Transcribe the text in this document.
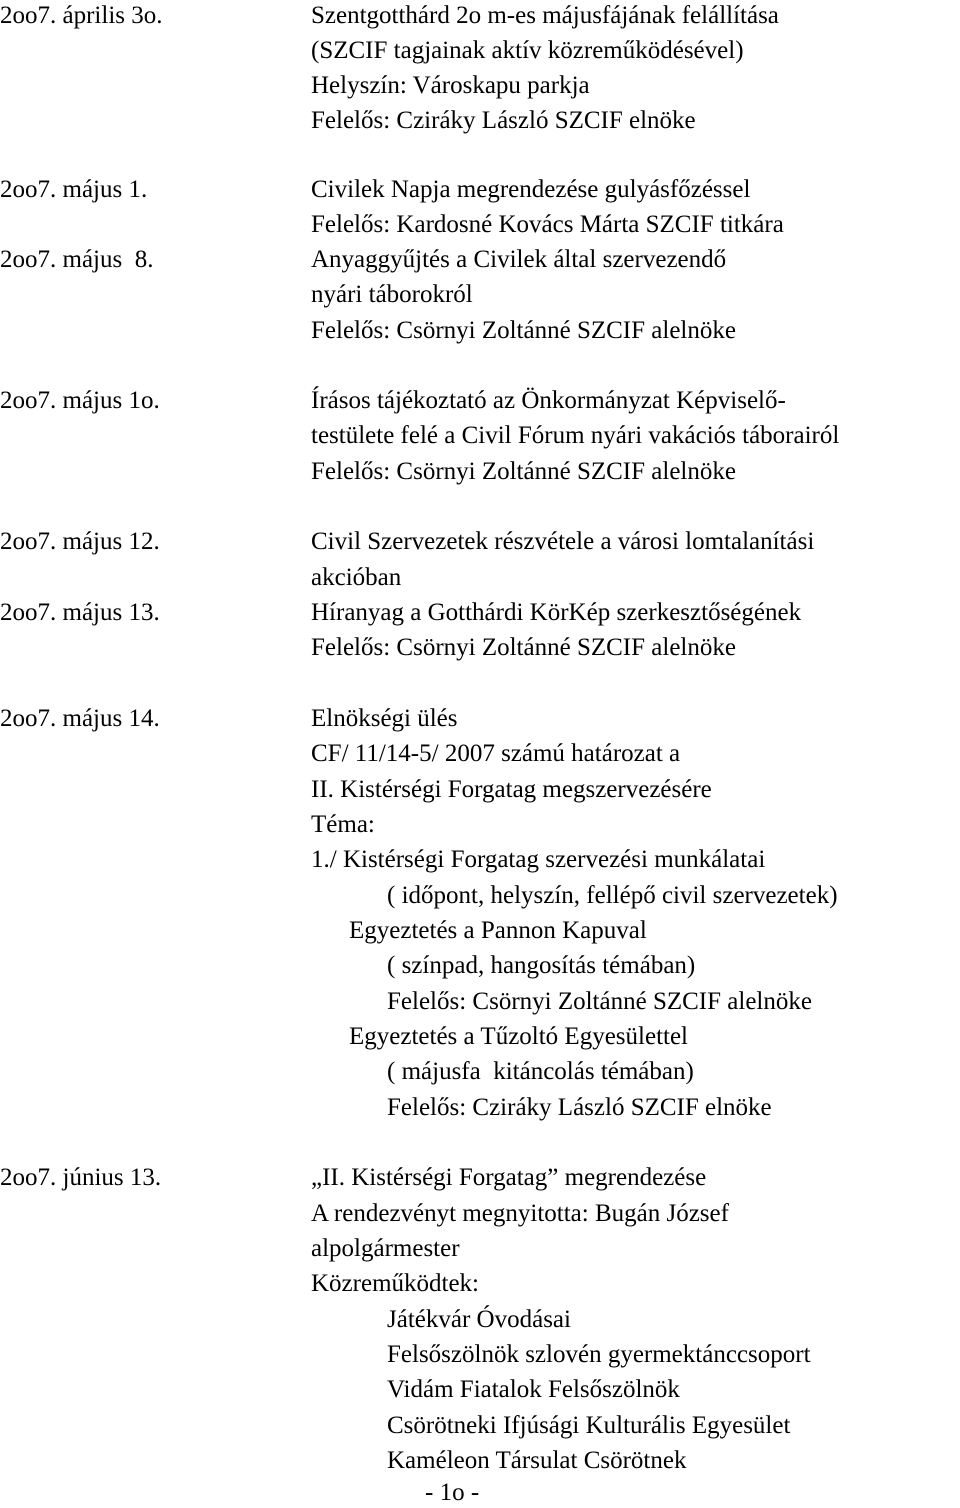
2oo7. április 3o.	Szentgotthárd 2o m-es májusfájának felállítása
(SZCIF tagjainak aktív közreműködésével)
Helyszín: Városkapu parkja
Felelős: Cziráky László SZCIF elnöke
2oo7. május 1.	Civilek Napja megrendezése gulyásfőzéssel
Felelős: Kardosné Kovács Márta SZCIF titkára
2oo7. május  8.	Anyaggyűjtés a Civilek által szervezendő
nyári táborokról
Felelős: Csörnyi Zoltánné SZCIF alelnöke
2oo7. május 1o.	Írásos tájékoztató az Önkormányzat Képviselő-
testülete felé a Civil Fórum nyári vakációs táborairól
Felelős: Csörnyi Zoltánné SZCIF alelnöke
2oo7. május 12.	Civil Szervezetek részvétele a városi lomtalanítási
akcióban
2oo7. május 13.	Híranyag a Gotthárdi KörKép szerkesztőségének
Felelős: Csörnyi Zoltánné SZCIF alelnöke
2oo7. május 14.	Elnökségi ülés
CF/ 11/14-5/ 2007 számú határozat a
II. Kistérségi Forgatag megszervezésére
Téma:
1./ Kistérségi Forgatag szervezési munkálatai
( időpont, helyszín, fellépő civil szervezetek)
Egyeztetés a Pannon Kapuval
( színpad, hangosítás témában)
Felelős: Csörnyi Zoltánné SZCIF alelnöke
Egyeztetés a Tűzoltó Egyesülettel
( májusfa  kitáncolás témában)
Felelős: Cziráky László SZCIF elnöke
2oo7. június 13.	„II. Kistérségi Forgatag” megrendezése
A rendezvényt megnyitotta: Bugán József
alpolgármester
Közreműködtek:
Játékvár Óvodásai
Felsőszölnök szlovén gyermektánccsoport
Vidám Fiatalok Felsőszölnök
Csörötneki Ifjúsági Kulturális Egyesület
Kaméleon Társulat Csörötnek
- 1o -
